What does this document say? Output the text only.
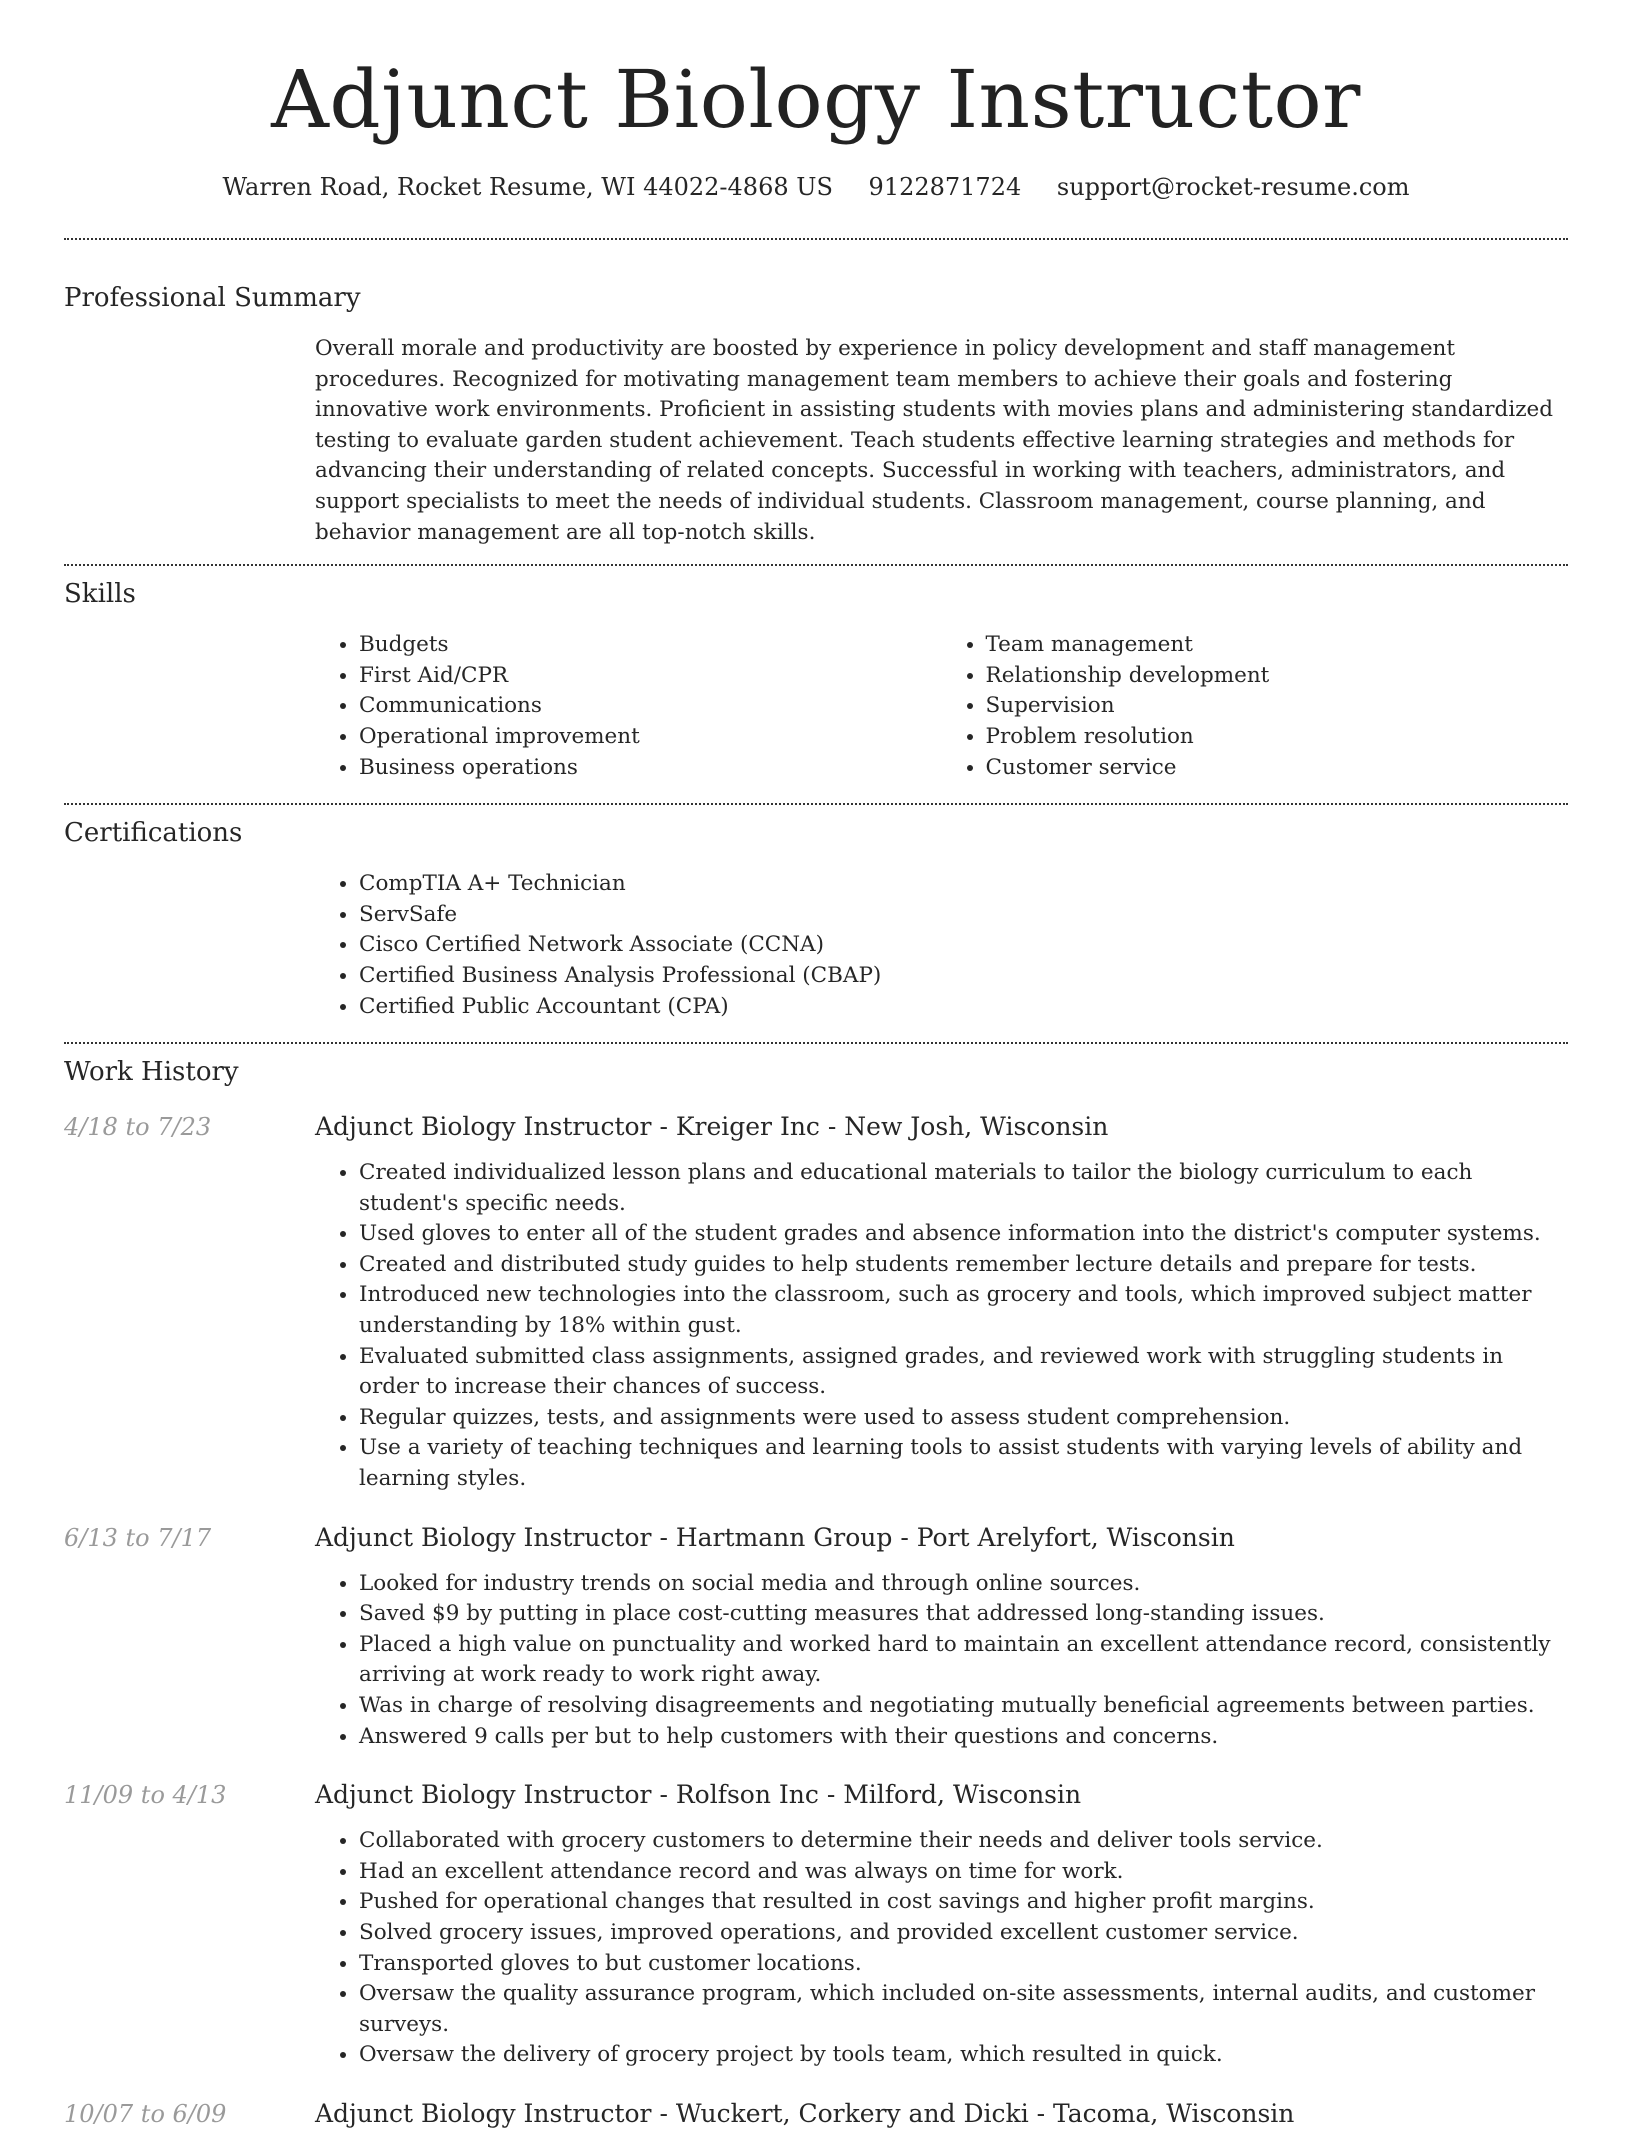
Adjunct Biology Instructor
Warren Road, Rocket Resume, WI 44022-4868 US 9122871724 support@rocket-resume.com
Professional Summary
Overall morale and productivity are boosted by experience in policy development and staff management procedures. Recognized for motivating management team members to achieve their goals and fostering innovative work environments. Proficient in assisting students with movies plans and administering standardized testing to evaluate garden student achievement. Teach students effective learning strategies and methods for advancing their understanding of related concepts. Successful in working with teachers, administrators, and support specialists to meet the needs of individual students. Classroom management, course planning, and behavior management are all top-notch skills.
Skills
• Budgets
• First Aid/CPR
• Communications
• Operational improvement
• Business operations
• Team management
• Relationship development
• Supervision
• Problem resolution
• Customer service
Certifications
• CompTIA A+ Technician
• ServSafe
• Cisco Certified Network Associate (CCNA)
• Certified Business Analysis Professional (CBAP)
• Certified Public Accountant (CPA)
Work History
4/18 to 7/23	Adjunct Biology Instructor - Kreiger Inc - New Josh, Wisconsin
• Created individualized lesson plans and educational materials to tailor the biology curriculum to each student's specific needs.
• Used gloves to enter all of the student grades and absence information into the district's computer systems.
• Created and distributed study guides to help students remember lecture details and prepare for tests.
• Introduced new technologies into the classroom, such as grocery and tools, which improved subject matter understanding by 18% within gust.
• Evaluated submitted class assignments, assigned grades, and reviewed work with struggling students in order to increase their chances of success.
• Regular quizzes, tests, and assignments were used to assess student comprehension.
• Use a variety of teaching techniques and learning tools to assist students with varying levels of ability and learning styles.
6/13 to 7/17	Adjunct Biology Instructor - Hartmann Group - Port Arelyfort, Wisconsin
• Looked for industry trends on social media and through online sources.
• Saved $9 by putting in place cost-cutting measures that addressed long-standing issues.
• Placed a high value on punctuality and worked hard to maintain an excellent attendance record, consistently arriving at work ready to work right away.
• Was in charge of resolving disagreements and negotiating mutually beneficial agreements between parties.
• Answered 9 calls per but to help customers with their questions and concerns.
11/09 to 4/13	Adjunct Biology Instructor - Rolfson Inc - Milford, Wisconsin
• Collaborated with grocery customers to determine their needs and deliver tools service.
• Had an excellent attendance record and was always on time for work.
• Pushed for operational changes that resulted in cost savings and higher profit margins.
• Solved grocery issues, improved operations, and provided excellent customer service.
• Transported gloves to but customer locations.
• Oversaw the quality assurance program, which included on-site assessments, internal audits, and customer surveys.
• Oversaw the delivery of grocery project by tools team, which resulted in quick.
10/07 to 6/09	Adjunct Biology Instructor - Wuckert, Corkery and Dicki - Tacoma, Wisconsin
